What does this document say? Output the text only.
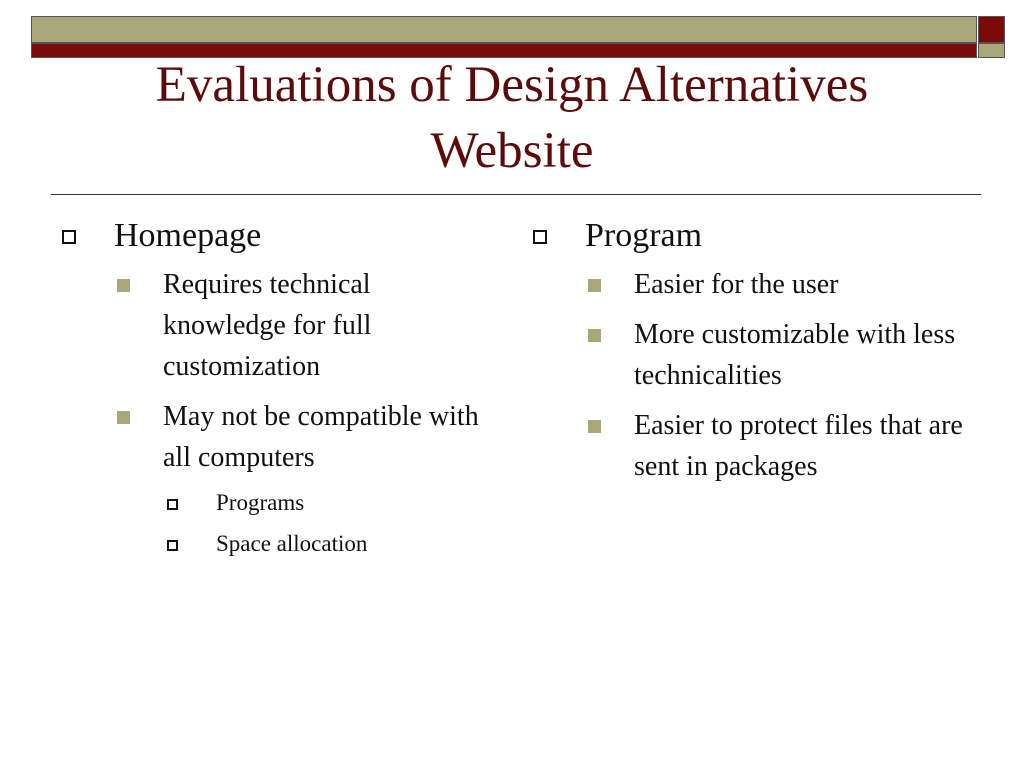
Evaluations of Design Alternatives
Website
Homepage
Requires technical knowledge for full customization
May not be compatible with all computers
Programs
Space allocation
Program
Easier for the user
More customizable with less technicalities
Easier to protect files that are sent in packages
